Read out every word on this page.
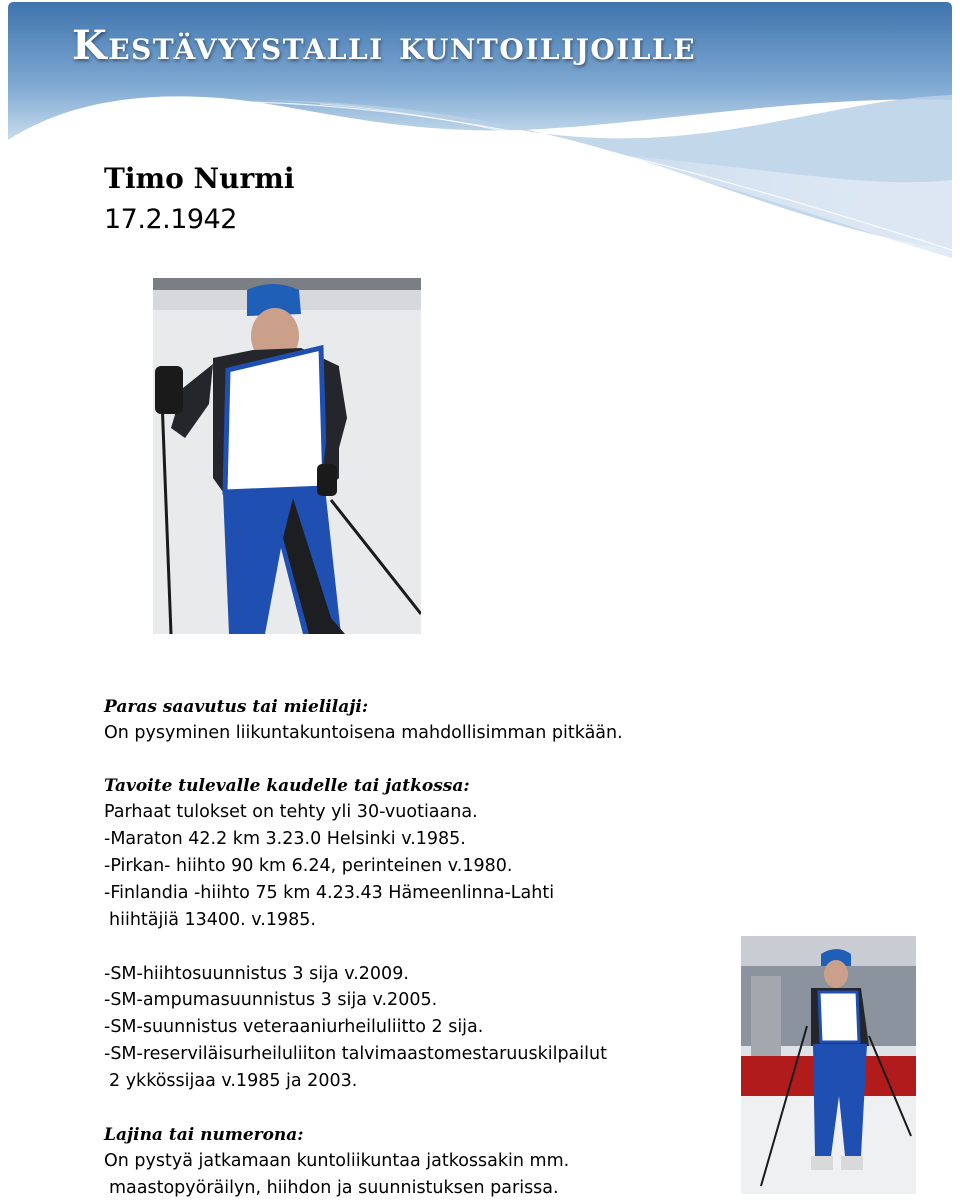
Kestävyystalli kuntoilijoille
Timo Nurmi
17.2.1942
Paras saavutus tai mielilaji:
On pysyminen liikuntakuntoisena mahdollisimman pitkään.
Tavoite tulevalle kaudelle tai jatkossa:
Parhaat tulokset on tehty yli 30-vuotiaana.
-Maraton 42.2 km 3.23.0 Helsinki v.1985.
-Pirkan- hiihto 90 km 6.24, perinteinen v.1980.
-Finlandia -hiihto 75 km 4.23.43 Hämeenlinna-Lahti
hiihtäjiä 13400. v.1985.
-SM-hiihtosuunnistus 3 sija v.2009.
-SM-ampumasuunnistus 3 sija v.2005.
-SM-suunnistus veteraaniurheiluliitto 2 sija.
-SM-reserviläisurheiluliiton talvimaastomestaruuskilpailut
2 ykkössijaa v.1985 ja 2003.
Lajina tai numerona:
On pystyä jatkamaan kuntoliikuntaa jatkossakin mm.
maastopyöräilyn, hiihdon ja suunnistuksen parissa.
